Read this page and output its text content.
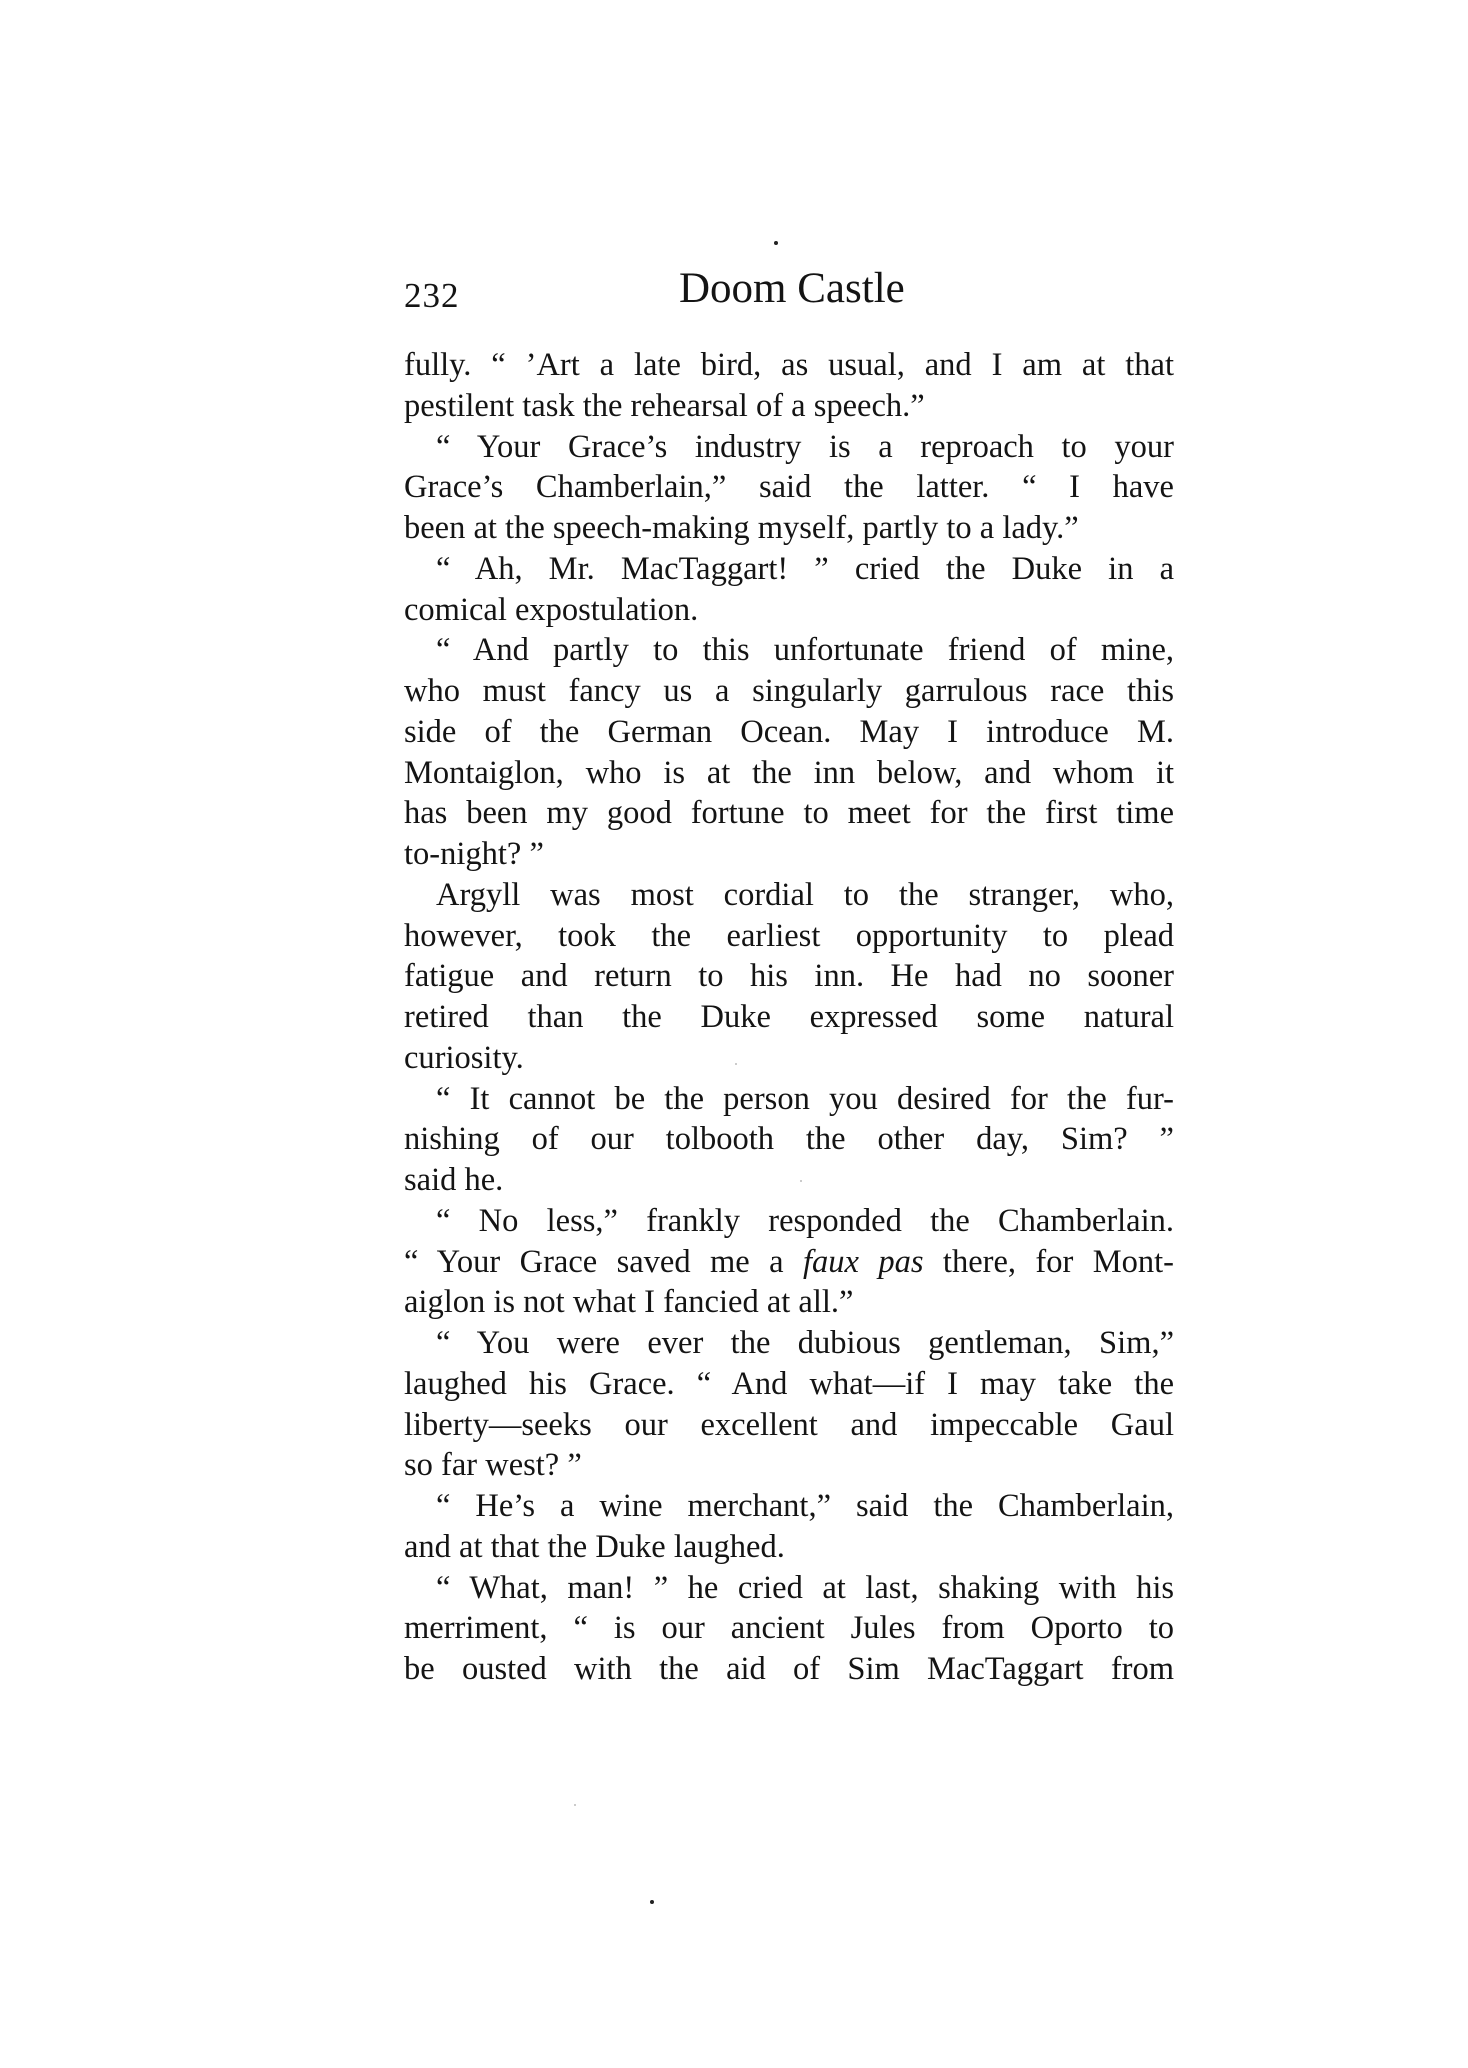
232	Doom Castle
fully. “ ’Art a late bird, as usual, and I am at that
pestilent task the rehearsal of a speech.”
“ Your Grace’s industry is a reproach to your
Grace’s Chamberlain,” said the latter. “ I have
been at the speech-making myself, partly to a lady.”
“ Ah, Mr. MacTaggart! ” cried the Duke in a
comical expostulation.
“ And partly to this unfortunate friend of mine,
who must fancy us a singularly garrulous race this
side of the German Ocean. May I introduce M.
Montaiglon, who is at the inn below, and whom it
has been my good fortune to meet for the first time
to-night? ”
Argyll was most cordial to the stranger, who,
however, took the earliest opportunity to plead
fatigue and return to his inn. He had no sooner
retired than the Duke expressed some natural
curiosity.
“ It cannot be the person you desired for the fur-
nishing of our tolbooth the other day, Sim? ”
said he.
“ No less,” frankly responded the Chamberlain.
“ Your Grace saved me a faux pas there, for Mont-
aiglon is not what I fancied at all.”
“ You were ever the dubious gentleman, Sim,”
laughed his Grace. “ And what—if I may take the
liberty—seeks our excellent and impeccable Gaul
so far west? ”
“ He’s a wine merchant,” said the Chamberlain,
and at that the Duke laughed.
“ What, man! ” he cried at last, shaking with his
merriment, “ is our ancient Jules from Oporto to
be ousted with the aid of Sim MacTaggart from
